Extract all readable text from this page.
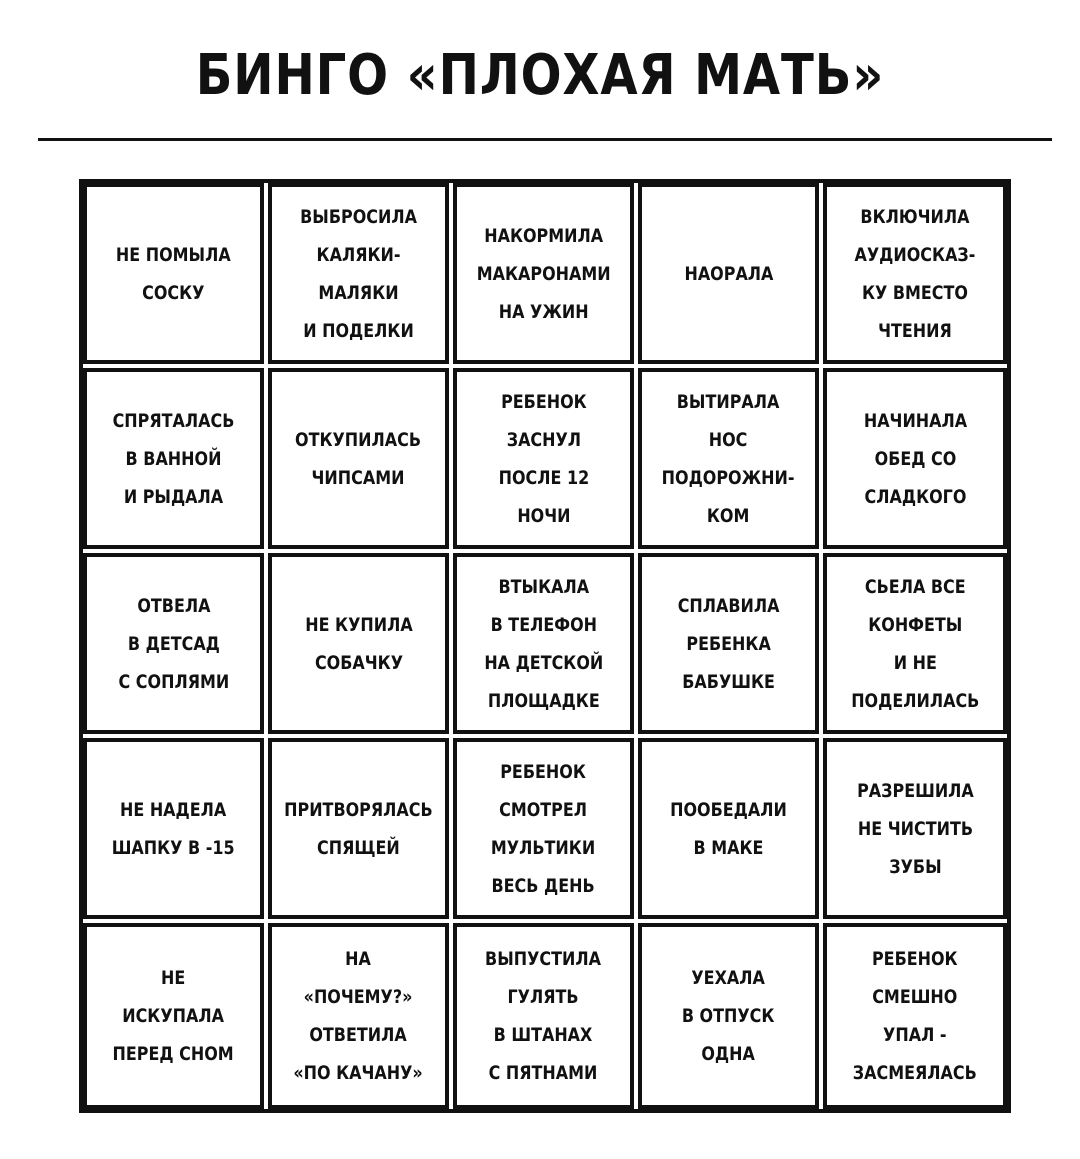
БИНГО «ПЛОХАЯ МАТЬ»
НЕ ПОМЫЛА
СОСКУ
ВЫБРОСИЛА
КАЛЯКИ-
МАЛЯКИ
И ПОДЕЛКИ
НАКОРМИЛА
МАКАРОНАМИ
НА УЖИН
НАОРАЛА
ВКЛЮЧИЛА
АУДИОСКАЗ-
КУ ВМЕСТО
ЧТЕНИЯ
СПРЯТАЛАСЬ
В ВАННОЙ
И РЫДАЛА
ОТКУПИЛАСЬ
ЧИПСАМИ
РЕБЕНОК
ЗАСНУЛ
ПОСЛЕ 12
НОЧИ
ВЫТИРАЛА
НОС
ПОДОРОЖНИ-
КОМ
НАЧИНАЛА
ОБЕД СО
СЛАДКОГО
ОТВЕЛА
В ДЕТСАД
С СОПЛЯМИ
НЕ КУПИЛА
СОБАЧКУ
ВТЫКАЛА
В ТЕЛЕФОН
НА ДЕТСКОЙ
ПЛОЩАДКЕ
СПЛАВИЛА
РЕБЕНКА
БАБУШКЕ
СЬЕЛА ВСЕ
КОНФЕТЫ
И НЕ
ПОДЕЛИЛАСЬ
НЕ НАДЕЛА
ШАПКУ В -15
ПРИТВОРЯЛАСЬ
СПЯЩЕЙ
РЕБЕНОК
СМОТРЕЛ
МУЛЬТИКИ
ВЕСЬ ДЕНЬ
ПООБЕДАЛИ
В МАКЕ
РАЗРЕШИЛА
НЕ ЧИСТИТЬ
ЗУБЫ
НЕ
ИСКУПАЛА
ПЕРЕД СНОМ
НА
«ПОЧЕМУ?»
ОТВЕТИЛА
«ПО КАЧАНУ»
ВЫПУСТИЛА
ГУЛЯТЬ
В ШТАНАХ
С ПЯТНАМИ
УЕХАЛА
В ОТПУСК
ОДНА
РЕБЕНОК
СМЕШНО
УПАЛ -
ЗАСМЕЯЛАСЬ
